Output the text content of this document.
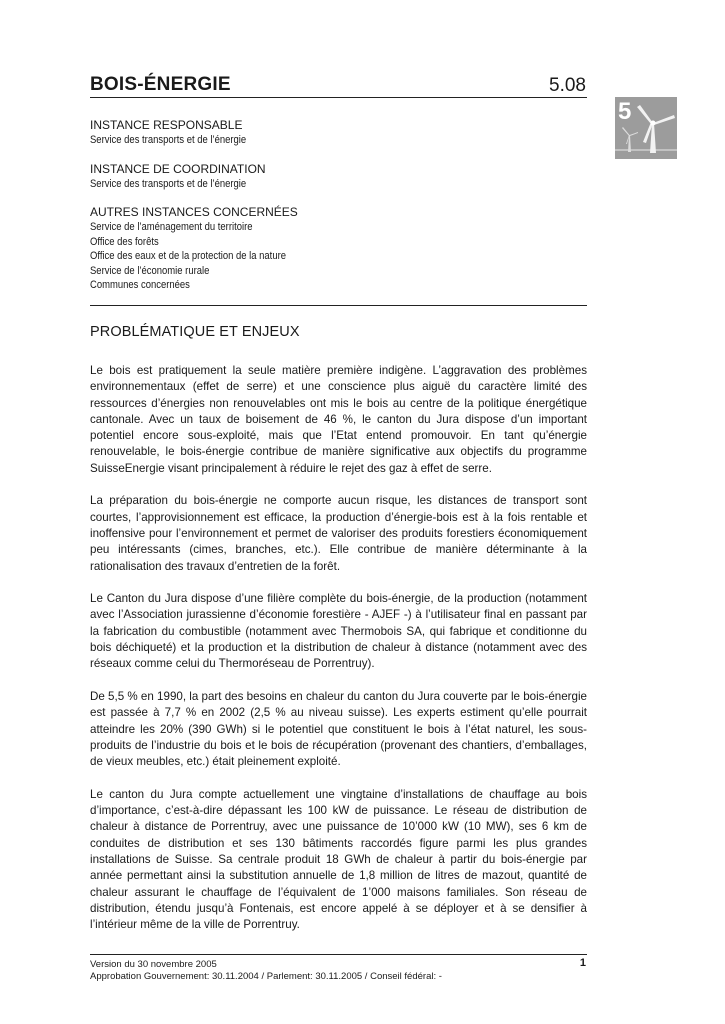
BOIS-ÉNERGIE	5.08
5
INSTANCE RESPONSABLE
Service des transports et de l’énergie
INSTANCE DE COORDINATION
Service des transports et de l’énergie
AUTRES INSTANCES CONCERNÉES
Service de l’aménagement du territoire
Office des forêts
Office des eaux et de la protection de la nature
Service de l’économie rurale
Communes concernées
PROBLÉMATIQUE ET ENJEUX

Le bois est pratiquement la seule matière première indigène. L’aggravation des problèmes environnementaux (effet de serre) et une conscience plus aiguë du caractère limité des ressources d’énergies non renouvelables ont mis le bois au centre de la politique énergétique cantonale. Avec un taux de boisement de 46 %, le canton du Jura dispose d’un important potentiel encore sous-exploité, mais que l’Etat entend promouvoir. En tant qu’énergie renouvelable, le bois-énergie contribue de manière significative aux objectifs du programme SuisseEnergie visant principalement à réduire le rejet des gaz à effet de serre.

La préparation du bois-énergie ne comporte aucun risque, les distances de transport sont courtes, l’approvisionnement est efficace, la production d’énergie-bois est à la fois rentable et inoffensive pour l’environnement et permet de valoriser des produits forestiers économiquement peu intéressants (cimes, branches, etc.). Elle contribue de manière déterminante à la rationalisation des travaux d’entretien de la forêt.

Le Canton du Jura dispose d’une filière complète du bois-énergie, de la production (notamment avec l’Association jurassienne d’économie forestière - AJEF -) à l’utilisateur final en passant par la fabrication du combustible (notamment avec Thermobois SA, qui fabrique et conditionne du bois déchiqueté) et la production et la distribution de chaleur à distance (notamment avec des réseaux comme celui du Thermoréseau de Porrentruy).

De 5,5 % en 1990, la part des besoins en chaleur du canton du Jura couverte par le bois-énergie est passée à 7,7 % en 2002 (2,5 % au niveau suisse). Les experts estiment qu’elle pourrait atteindre les 20% (390 GWh) si le potentiel que constituent le bois à l’état naturel, les sous-produits de l’industrie du bois et le bois de récupération (provenant des chantiers, d’emballages, de vieux meubles, etc.) était pleinement exploité.

Le canton du Jura compte actuellement une vingtaine d’installations de chauffage au bois d’importance, c’est-à-dire dépassant les 100 kW de puissance. Le réseau de distribution de chaleur à distance de Porrentruy, avec une puissance de 10’000 kW (10 MW), ses 6 km de conduites de distribution et ses 130 bâtiments raccordés figure parmi les plus grandes installations de Suisse. Sa centrale produit 18 GWh de chaleur à partir du bois-énergie par année permettant ainsi la substitution annuelle de 1,8 million de litres de mazout, quantité de chaleur assurant le chauffage de l’équivalent de 1’000 maisons familiales. Son réseau de distribution, étendu jusqu’à Fontenais, est encore appelé à se déployer et à se densifier à l’intérieur même de la ville de Porrentruy.

Version du 30 novembre 2005
Approbation Gouvernement: 30.11.2004 / Parlement: 30.11.2005 / Conseil fédéral: -
1
